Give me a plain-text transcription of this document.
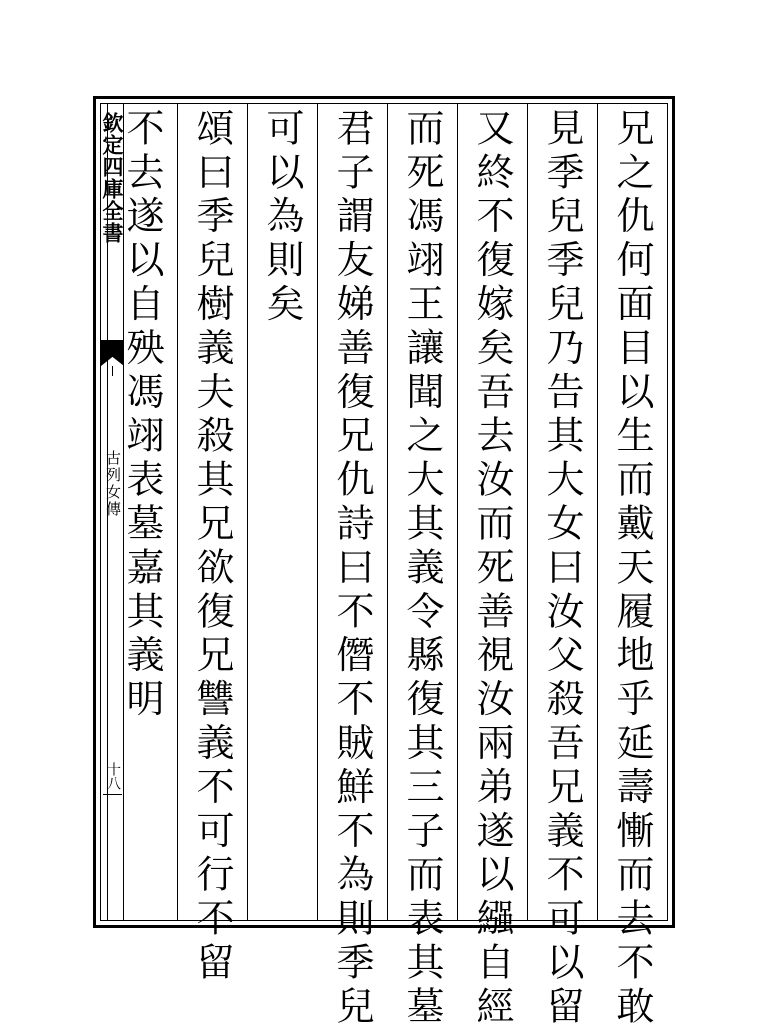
欽定四庫全書
古列女傳
十八	兄之仇何面目以生而戴天履地乎延壽慚而去不敢
見季兒季兒乃告其大女曰汝父殺吾兄義不可以留
又終不復嫁矣吾去汝而死善視汝兩弟遂以繦自經
而死馮翊王讓聞之大其義令縣復其三子而表其墓
君子謂友娣善復兄仇詩曰不僭不賊鮮不為則季兒
可以為則矣
頌曰季兒樹義夫殺其兄欲復兄讐義不可行不留
不去遂以自殃馮翊表墓嘉其義明
